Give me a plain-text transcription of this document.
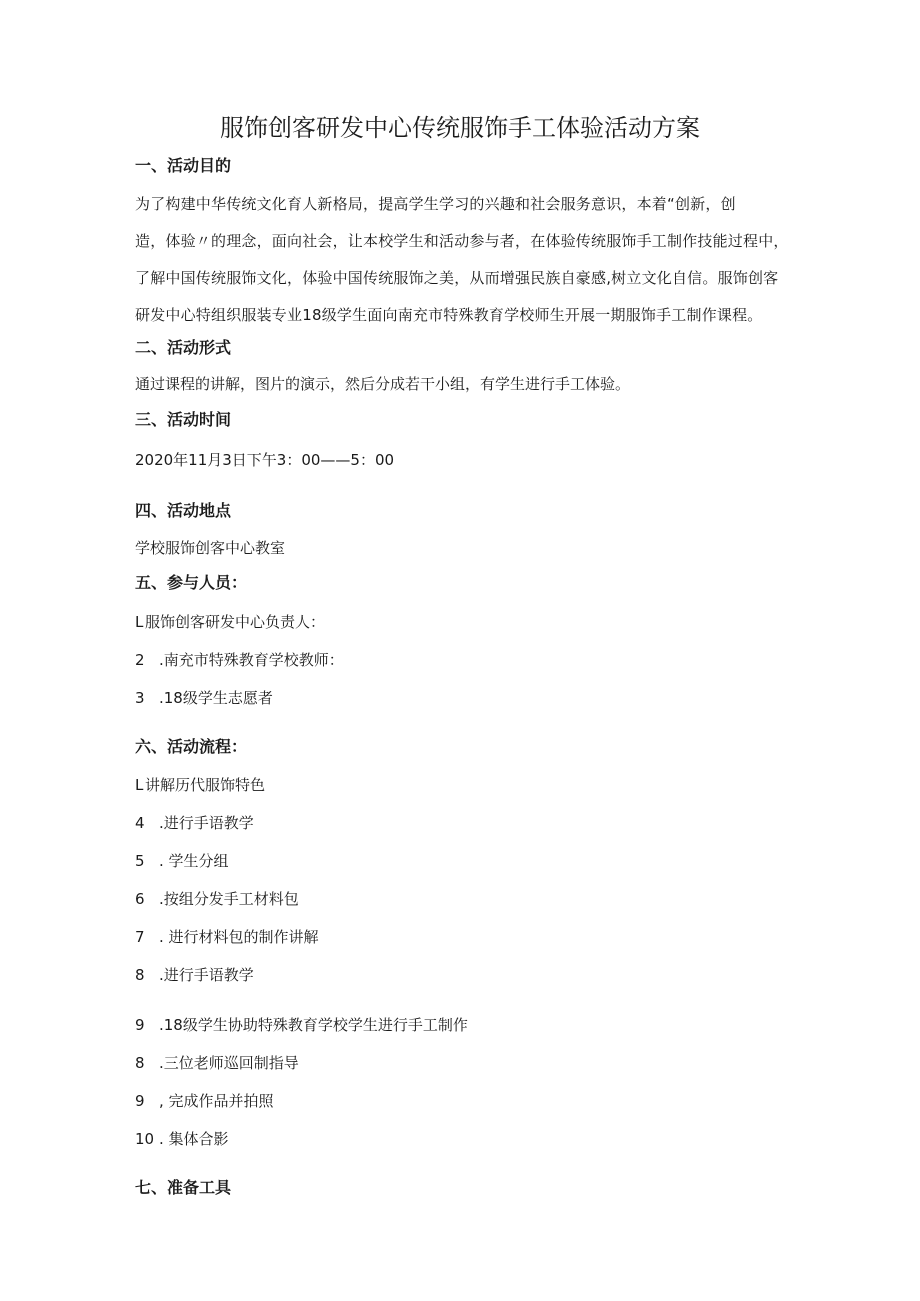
服饰创客研发中心传统服饰手工体验活动方案
一、活动目的
为了构建中华传统文化育人新格局，提高学生学习的兴趣和社会服务意识，本着“创新，创
造，体验〃的理念，面向社会，让本校学生和活动参与者，在体验传统服饰手工制作技能过程中，
了解中国传统服饰文化，体验中国传统服饰之美，从而增强民族自豪感,树立文化自信。服饰创客
研发中心特组织服装专业18级学生面向南充市特殊教育学校师生开展一期服饰手工制作课程。
二、活动形式
通过课程的讲解，图片的演示，然后分成若干小组，有学生进行手工体验。
三、活动时间
2020年11月3日下午3：00——5：00
四、活动地点
学校服饰创客中心教室
五、参与人员：
L 服饰创客研发中心负责人：
2 .南充市特殊教育学校教师：
3 .18级学生志愿者
六、活动流程：
L 讲解历代服饰特色
4 .进行手语教学
5 . 学生分组
6 .按组分发手工材料包
7 . 进行材料包的制作讲解
8 .进行手语教学
9 .18级学生协助特殊教育学校学生进行手工制作
8 .三位老师巡回制指导
9 , 完成作品并拍照
10 . 集体合影
七、准备工具
